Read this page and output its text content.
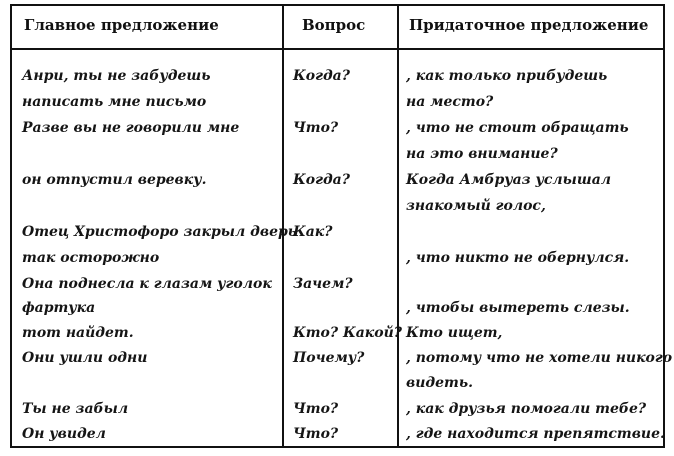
Главное предложение	Вопрос	Придаточное предложение
Анри, ты не забудешь
написать мне письмо
Разве вы не говорили мне
он отпустил веревку.
Отец Христофоро закрыл дверь
так осторожно
Она поднесла к глазам уголок
фартука
тот найдет.
Они ушли одни
Ты не забыл
Он увидел
Когда?
Что?
Когда?
Как?
Зачем?
Кто? Какой?
Почему?
Что?
Что?
, как только прибудешь
на место?
, что не стоит обращать
на это внимание?
Когда Амбруаз услышал
знакомый голос,
, что никто не обернулся.
, чтобы вытереть слезы.
Кто ищет,
, потому что не хотели никого
видеть.
, как друзья помогали тебе?
, где находится препятствие.
